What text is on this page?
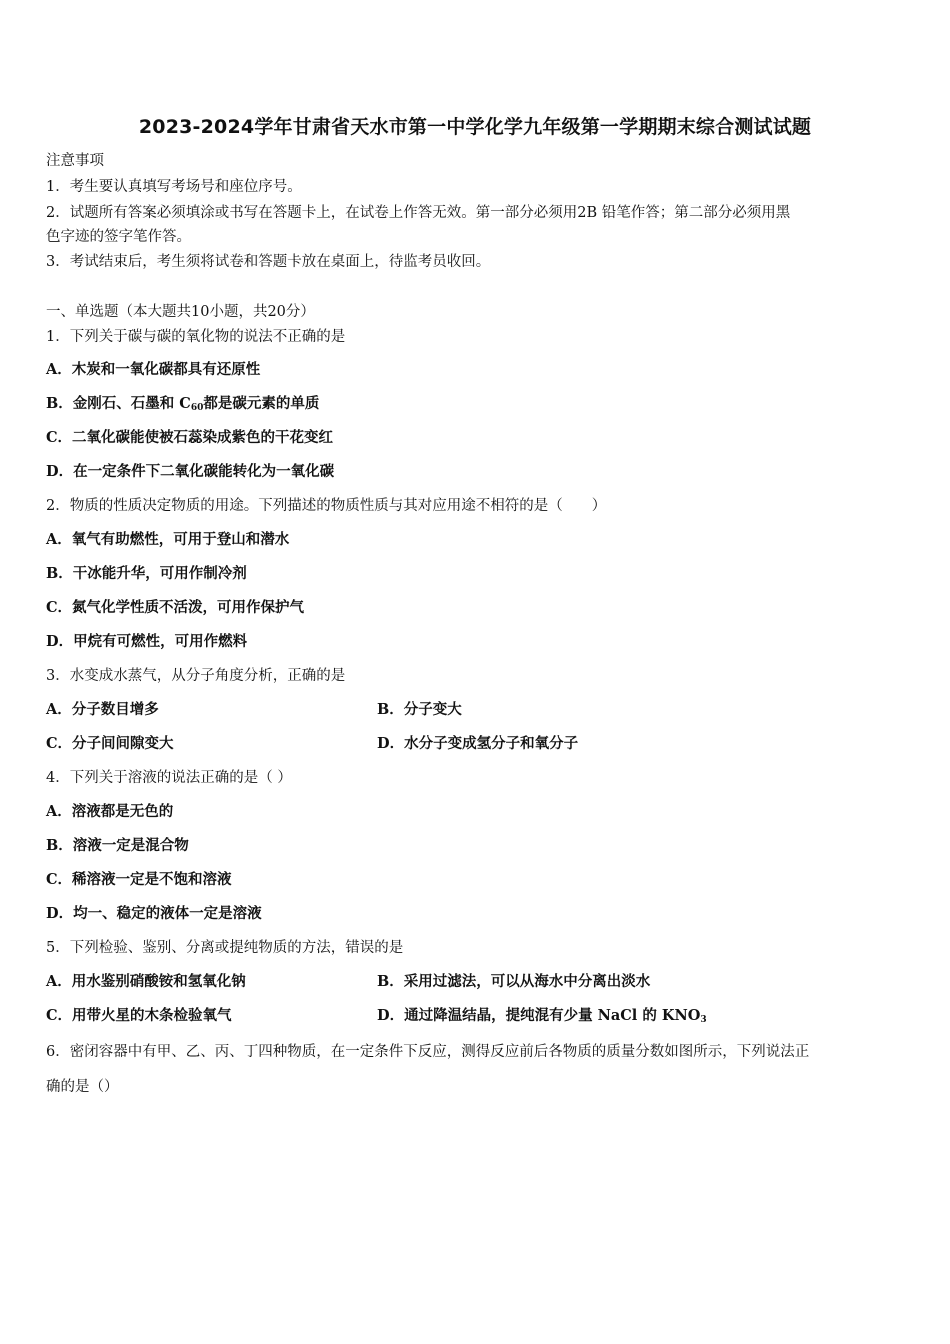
2023-2024学年甘肃省天水市第一中学化学九年级第一学期期末综合测试试题
注意事项
1．考生要认真填写考场号和座位序号。
2．试题所有答案必须填涂或书写在答题卡上，在试卷上作答无效。第一部分必须用2B 铅笔作答；第二部分必须用黑
色字迹的签字笔作答。
3．考试结束后，考生须将试卷和答题卡放在桌面上，待监考员收回。
一、单选题（本大题共10小题，共20分）
1．下列关于碳与碳的氧化物的说法不正确的是
A．木炭和一氧化碳都具有还原性
B．金刚石、石墨和 $C_{60}$都是碳元素的单质
C．二氧化碳能使被石蕊染成紫色的干花变红
D．在一定条件下二氧化碳能转化为一氧化碳
2．物质的性质决定物质的用途。下列描述的物质性质与其对应用途不相符的是（　　）
A．氧气有助燃性，可用于登山和潜水
B．干冰能升华，可用作制冷剂
C．氮气化学性质不活泼，可用作保护气
D．甲烷有可燃性，可用作燃料
3．水变成水蒸气，从分子角度分析，正确的是
A．分子数目增多	B．分子变大
C．分子间间隙变大	D．水分子变成氢分子和氧分子
4．下列关于溶液的说法正确的是（ ）
A．溶液都是无色的
B．溶液一定是混合物
C．稀溶液一定是不饱和溶液
D．均一、稳定的液体一定是溶液
5．下列检验、鉴别、分离或提纯物质的方法，错误的是
A．用水鉴别硝酸铵和氢氧化钠	B．采用过滤法，可以从海水中分离出淡水
C．用带火星的木条检验氧气	D．通过降温结晶，提纯混有少量 NaCl 的 $KNO_3$
6．密闭容器中有甲、乙、丙、丁四种物质，在一定条件下反应，测得反应前后各物质的质量分数如图所示，下列说法正
确的是（）
